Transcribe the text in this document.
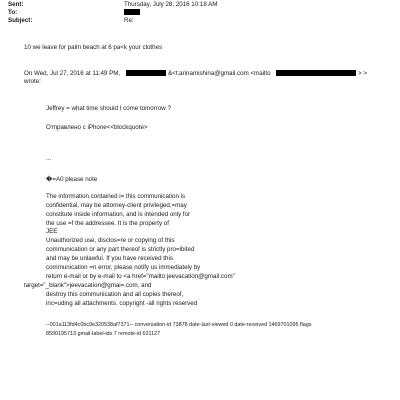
Sent:	Thursday, July 28, 2016 10:18 AM
To:
Subject:	Re:
10 we leave for palm beach at 6 pa<k your clothes
On Wed, Jul 27, 2016 at 11:49 PM,	&<t;arinamishina@gmail.com <mailto	> >
wrote:
Jeffrey = what time should I come tomorrow ?
Отправлено с iPhone<<blockquote>
...
�=A0 please note
The information contained i= this communication is
confidential, may be attorney-client privileged,=may
constitute inside information, and is intended only for
the use =f the addressee. It is the property of
JEE
Unauthorized use, disclos=re or copying of this
communication or any part thereof is strictly pro=ibited
and may be unlawful. If you have received this
communication =n error, please notify us immediately by
return e-mail or by e-mail to <a href="mailto:jeevacation@gmail.com"
target="_blank">jeevacation@gmai=.com, and
destroy this communication and all copies thereof,
inc=uding all attachments. copyright -all rights reserved
--001a113fd4c0bc9e320538af7371-- conversation-id 73878 date-last-viewed 0 date-received 1469701095 flags
8590195713 gmail-label-ids 7 remote-id 631127
